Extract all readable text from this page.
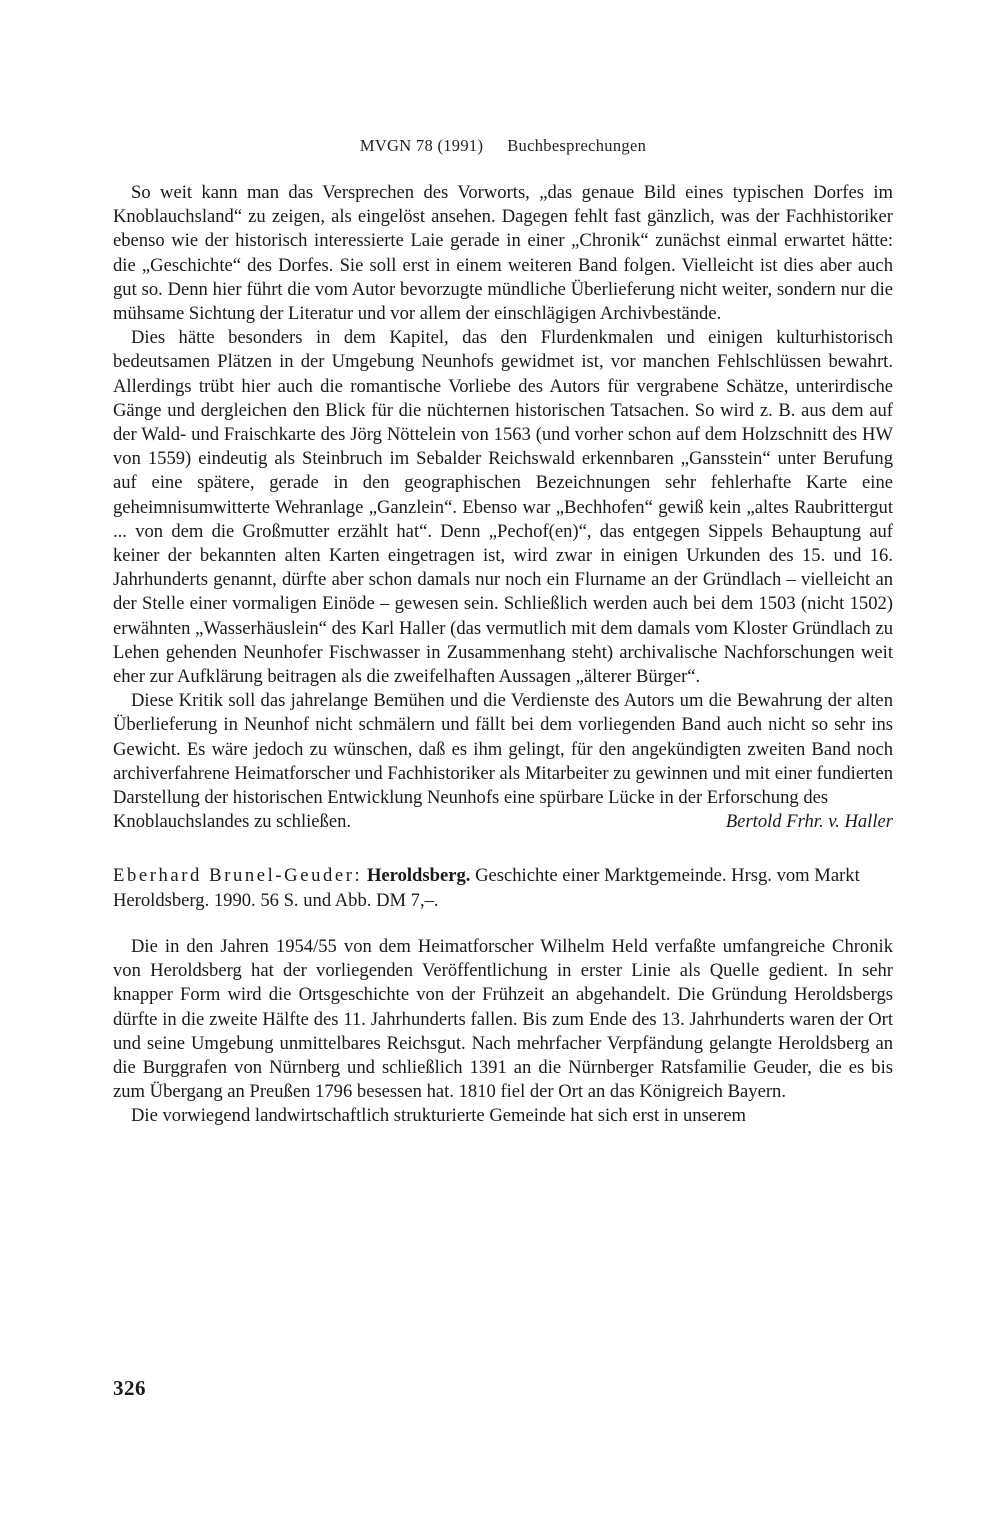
MVGN 78 (1991) Buchbesprechungen

So weit kann man das Versprechen des Vorworts, „das genaue Bild eines typischen Dorfes im Knoblauchsland“ zu zeigen, als eingelöst ansehen. Dagegen fehlt fast gänzlich, was der Fachhistoriker ebenso wie der historisch interessierte Laie gerade in einer „Chronik“ zunächst einmal erwartet hätte: die „Geschichte“ des Dorfes. Sie soll erst in einem weiteren Band folgen. Vielleicht ist dies aber auch gut so. Denn hier führt die vom Autor bevorzugte mündliche Überlieferung nicht weiter, sondern nur die mühsame Sichtung der Literatur und vor allem der einschlägigen Archivbestände.

Dies hätte besonders in dem Kapitel, das den Flurdenkmalen und einigen kulturhistorisch bedeutsamen Plätzen in der Umgebung Neunhofs gewidmet ist, vor manchen Fehlschlüssen bewahrt. Allerdings trübt hier auch die romantische Vorliebe des Autors für vergrabene Schätze, unterirdische Gänge und dergleichen den Blick für die nüchternen historischen Tatsachen. So wird z. B. aus dem auf der Wald- und Fraischkarte des Jörg Nöttelein von 1563 (und vorher schon auf dem Holzschnitt des HW von 1559) eindeutig als Steinbruch im Sebalder Reichswald erkennbaren „Gansstein“ unter Berufung auf eine spätere, gerade in den geographischen Bezeichnungen sehr fehlerhafte Karte eine geheimnisumwitterte Wehranlage „Ganzlein“. Ebenso war „Bechhofen“ gewiß kein „altes Raubrittergut ... von dem die Großmutter erzählt hat“. Denn „Pechof(en)“, das entgegen Sippels Behauptung auf keiner der bekannten alten Karten eingetragen ist, wird zwar in einigen Urkunden des 15. und 16. Jahrhunderts genannt, dürfte aber schon damals nur noch ein Flurname an der Gründlach – vielleicht an der Stelle einer vormaligen Einöde – gewesen sein. Schließlich werden auch bei dem 1503 (nicht 1502) erwähnten „Wasserhäuslein“ des Karl Haller (das vermutlich mit dem damals vom Kloster Gründlach zu Lehen gehenden Neunhofer Fischwasser in Zusammenhang steht) archivalische Nachforschungen weit eher zur Aufklärung beitragen als die zweifelhaften Aussagen „älterer Bürger“.

Diese Kritik soll das jahrelange Bemühen und die Verdienste des Autors um die Bewahrung der alten Überlieferung in Neunhof nicht schmälern und fällt bei dem vorliegenden Band auch nicht so sehr ins Gewicht. Es wäre jedoch zu wünschen, daß es ihm gelingt, für den angekündigten zweiten Band noch archiverfahrene Heimatforscher und Fachhistoriker als Mitarbeiter zu gewinnen und mit einer fundierten Darstellung der historischen Entwicklung Neunhofs eine spürbare Lücke in der Erforschung des

Knoblauchslandes zu schließen.	Bertold Frhr. v. Haller

Eberhard Brunel-Geuder: Heroldsberg. Geschichte einer Marktgemeinde. Hrsg. vom Markt Heroldsberg. 1990. 56 S. und Abb. DM 7,–.

Die in den Jahren 1954/55 von dem Heimatforscher Wilhelm Held verfaßte umfangreiche Chronik von Heroldsberg hat der vorliegenden Veröffentlichung in erster Linie als Quelle gedient. In sehr knapper Form wird die Ortsgeschichte von der Frühzeit an abgehandelt. Die Gründung Heroldsbergs dürfte in die zweite Hälfte des 11. Jahrhunderts fallen. Bis zum Ende des 13. Jahrhunderts waren der Ort und seine Umgebung unmittelbares Reichsgut. Nach mehrfacher Verpfändung gelangte Heroldsberg an die Burggrafen von Nürnberg und schließlich 1391 an die Nürnberger Ratsfamilie Geuder, die es bis zum Übergang an Preußen 1796 besessen hat. 1810 fiel der Ort an das Königreich Bayern.

Die vorwiegend landwirtschaftlich strukturierte Gemeinde hat sich erst in unserem

326
